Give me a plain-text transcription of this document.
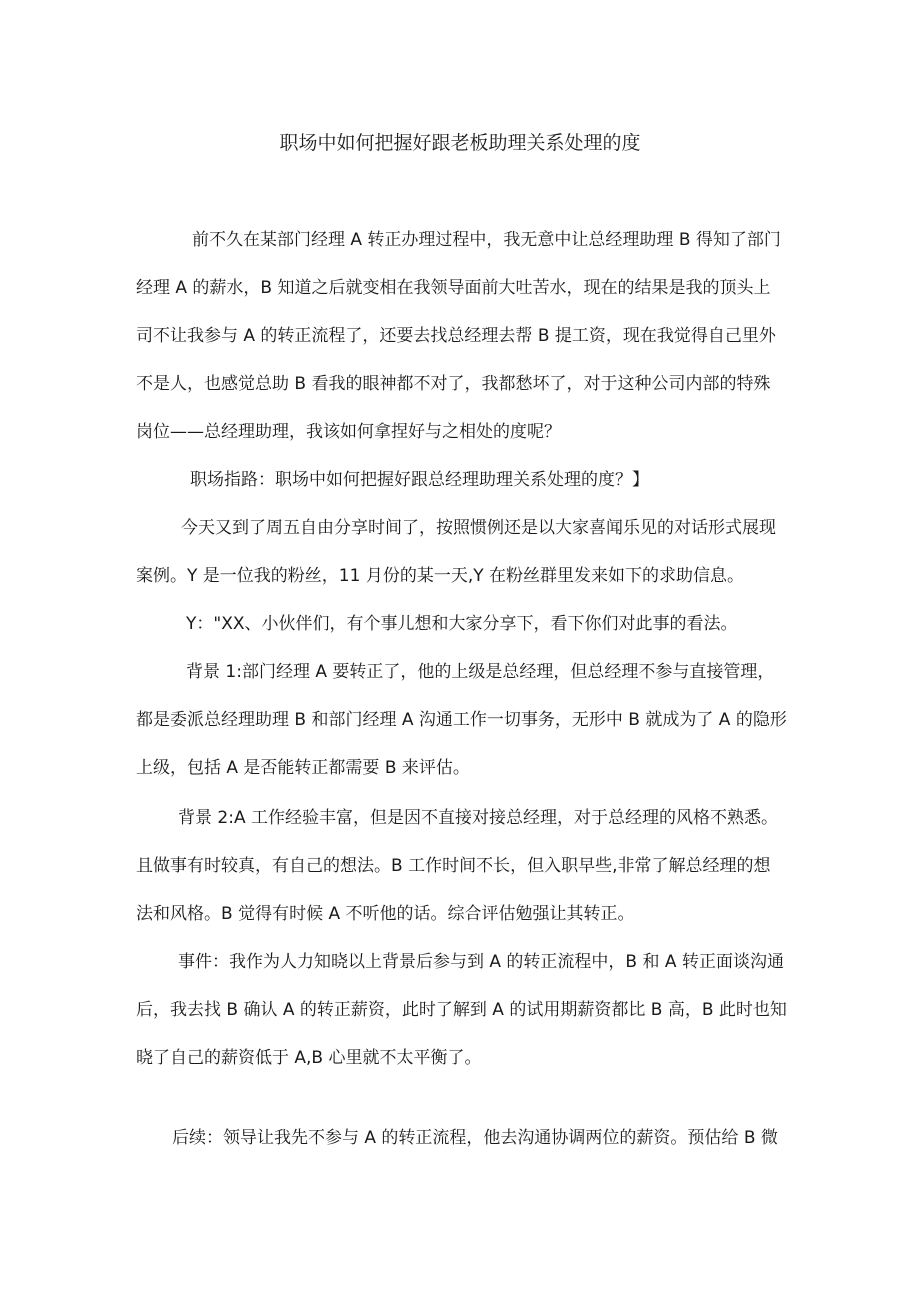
职场中如何把握好跟老板助理关系处理的度

前不久在某部门经理 A 转正办理过程中，我无意中让总经理助理 B 得知了部门

经理 A 的薪水，B 知道之后就变相在我领导面前大吐苦水，现在的结果是我的顶头上

司不让我参与 A 的转正流程了，还要去找总经理去帮 B 提工资，现在我觉得自己里外

不是人，也感觉总助 B 看我的眼神都不对了，我都愁坏了，对于这种公司内部的特殊

岗位——总经理助理，我该如何拿捏好与之相处的度呢？

职场指路：职场中如何把握好跟总经理助理关系处理的度？】

今天又到了周五自由分享时间了，按照惯例还是以大家喜闻乐见的对话形式展现

案例。Y 是一位我的粉丝，11 月份的某一天,Y 在粉丝群里发来如下的求助信息。

Y："XX、小伙伴们，有个事儿想和大家分享下，看下你们对此事的看法。

背景 1:部门经理 A 要转正了，他的上级是总经理，但总经理不参与直接管理，

都是委派总经理助理 B 和部门经理 A 沟通工作一切事务，无形中 B 就成为了 A 的隐形

上级，包括 A 是否能转正都需要 B 来评估。

背景 2:A 工作经验丰富，但是因不直接对接总经理，对于总经理的风格不熟悉。

且做事有时较真，有自己的想法。B 工作时间不长，但入职早些,非常了解总经理的想

法和风格。B 觉得有时候 A 不听他的话。综合评估勉强让其转正。

事件：我作为人力知晓以上背景后参与到 A 的转正流程中，B 和 A 转正面谈沟通

后，我去找 B 确认 A 的转正薪资，此时了解到 A 的试用期薪资都比 B 高，B 此时也知

晓了自己的薪资低于 A,B 心里就不太平衡了。

后续：领导让我先不参与 A 的转正流程，他去沟通协调两位的薪资。预估给 B 微
